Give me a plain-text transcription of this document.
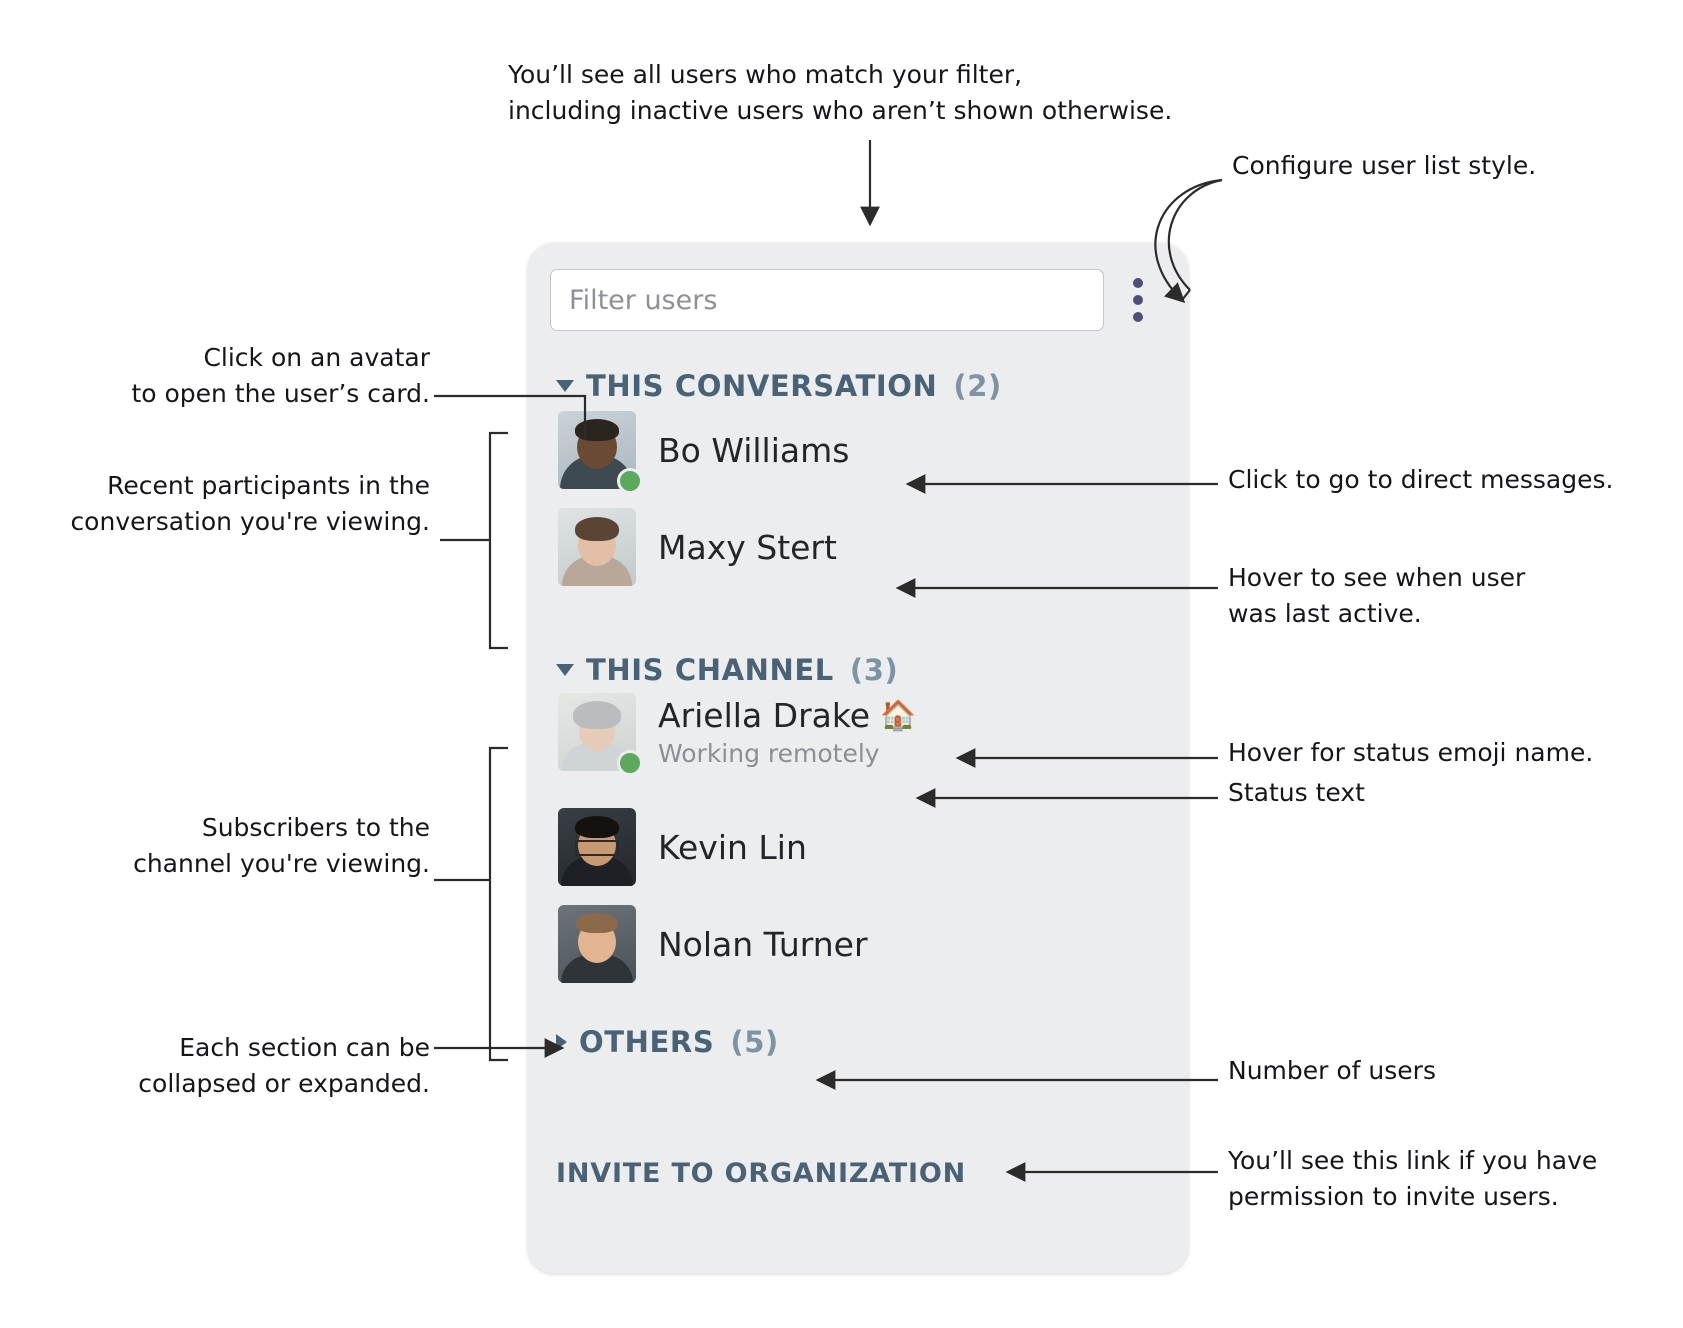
Filter users
THIS CONVERSATION (2)
Bo Williams
Maxy Stert
THIS CHANNEL (3)
Ariella Drake 🏠
Working remotely
Kevin Lin
Nolan Turner
OTHERS (5)
INVITE TO ORGANIZATION
You’ll see all users who match your filter,
including inactive users who aren’t shown otherwise.
Configure user list style.
Click on an avatar
to open the user’s card.
Recent participants in the
conversation you're viewing.
Click to go to direct messages.
Hover to see when user
was last active.
Subscribers to the
channel you're viewing.
Hover for status emoji name.
Status text
Each section can be
collapsed or expanded.	Number of users
You’ll see this link if you have
permission to invite users.
